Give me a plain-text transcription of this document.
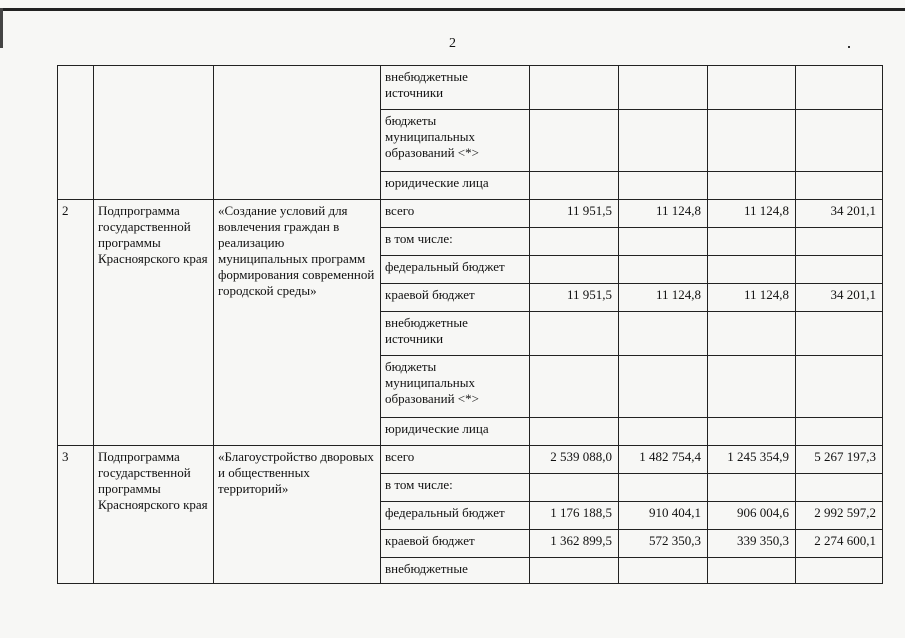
2
			внебюджетные источники				
			бюджеты муниципальных образований <*>				
			юридические лица				
2	Подпрограмма государственной программы Красноярского края	«Создание условий для вовлечения граждан в реализацию муниципальных программ формирования современной городской среды»	всего	11 951,5	11 124,8	11 124,8	34 201,1
			в том числе:				
			федеральный бюджет				
			краевой бюджет	11 951,5	11 124,8	11 124,8	34 201,1
			внебюджетные источники				
			бюджеты муниципальных образований <*>				
			юридические лица				
3	Подпрограмма государственной программы Красноярского края	«Благоустройство дворовых и общественных территорий»	всего	2 539 088,0	1 482 754,4	1 245 354,9	5 267 197,3
			в том числе:				
			федеральный бюджет	1 176 188,5	910 404,1	906 004,6	2 992 597,2
			краевой бюджет	1 362 899,5	572 350,3	339 350,3	2 274 600,1
			внебюджетные				
